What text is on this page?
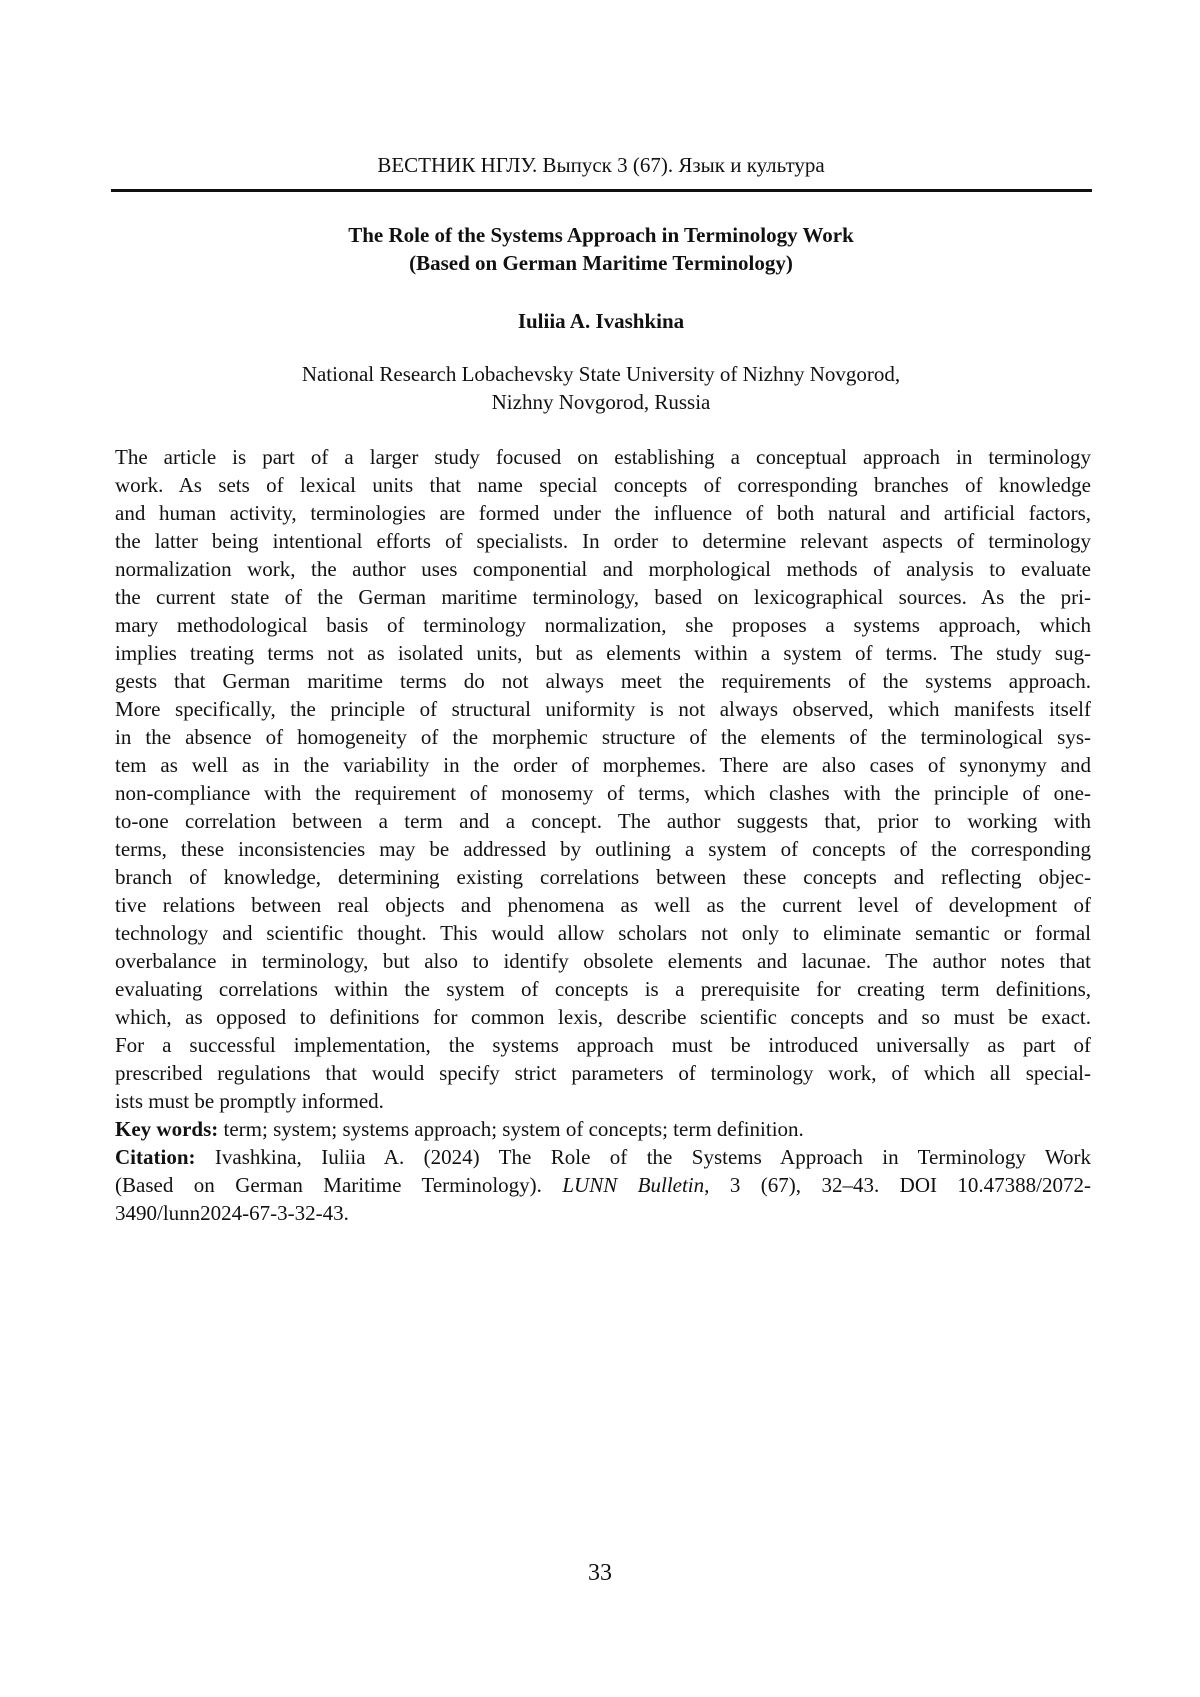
ВЕСТНИК НГЛУ. Выпуск 3 (67). Язык и культура
The Role of the Systems Approach in Terminology Work
(Based on German Maritime Terminology)
Iuliia A. Ivashkina
National Research Lobachevsky State University of Nizhny Novgorod,
Nizhny Novgorod, Russia
The article is part of a larger study focused on establishing a conceptual approach in terminology
work. As sets of lexical units that name special concepts of corresponding branches of knowledge
and human activity, terminologies are formed under the influence of both natural and artificial factors,
the latter being intentional efforts of specialists. In order to determine relevant aspects of terminology
normalization work, the author uses componential and morphological methods of analysis to evaluate
the current state of the German maritime terminology, based on lexicographical sources. As the pri-
mary methodological basis of terminology normalization, she proposes a systems approach, which
implies treating terms not as isolated units, but as elements within a system of terms. The study sug-
gests that German maritime terms do not always meet the requirements of the systems approach.
More specifically, the principle of structural uniformity is not always observed, which manifests itself
in the absence of homogeneity of the morphemic structure of the elements of the terminological sys-
tem as well as in the variability in the order of morphemes. There are also cases of synonymy and
non-compliance with the requirement of monosemy of terms, which clashes with the principle of one-
to-one correlation between a term and a concept. The author suggests that, prior to working with
terms, these inconsistencies may be addressed by outlining a system of concepts of the corresponding
branch of knowledge, determining existing correlations between these concepts and reflecting objec-
tive relations between real objects and phenomena as well as the current level of development of
technology and scientific thought. This would allow scholars not only to eliminate semantic or formal
overbalance in terminology, but also to identify obsolete elements and lacunae. The author notes that
evaluating correlations within the system of concepts is a prerequisite for creating term definitions,
which, as opposed to definitions for common lexis, describe scientific concepts and so must be exact.
For a successful implementation, the systems approach must be introduced universally as part of
prescribed regulations that would specify strict parameters of terminology work, of which all special-
ists must be promptly informed.
Key words: term; system; systems approach; system of concepts; term definition.
Citation: Ivashkina, Iuliia A. (2024) The Role of the Systems Approach in Terminology Work
(Based on German Maritime Terminology). LUNN Bulletin, 3 (67), 32–43. DOI 10.47388/2072-
3490/lunn2024-67-3-32-43.
33
